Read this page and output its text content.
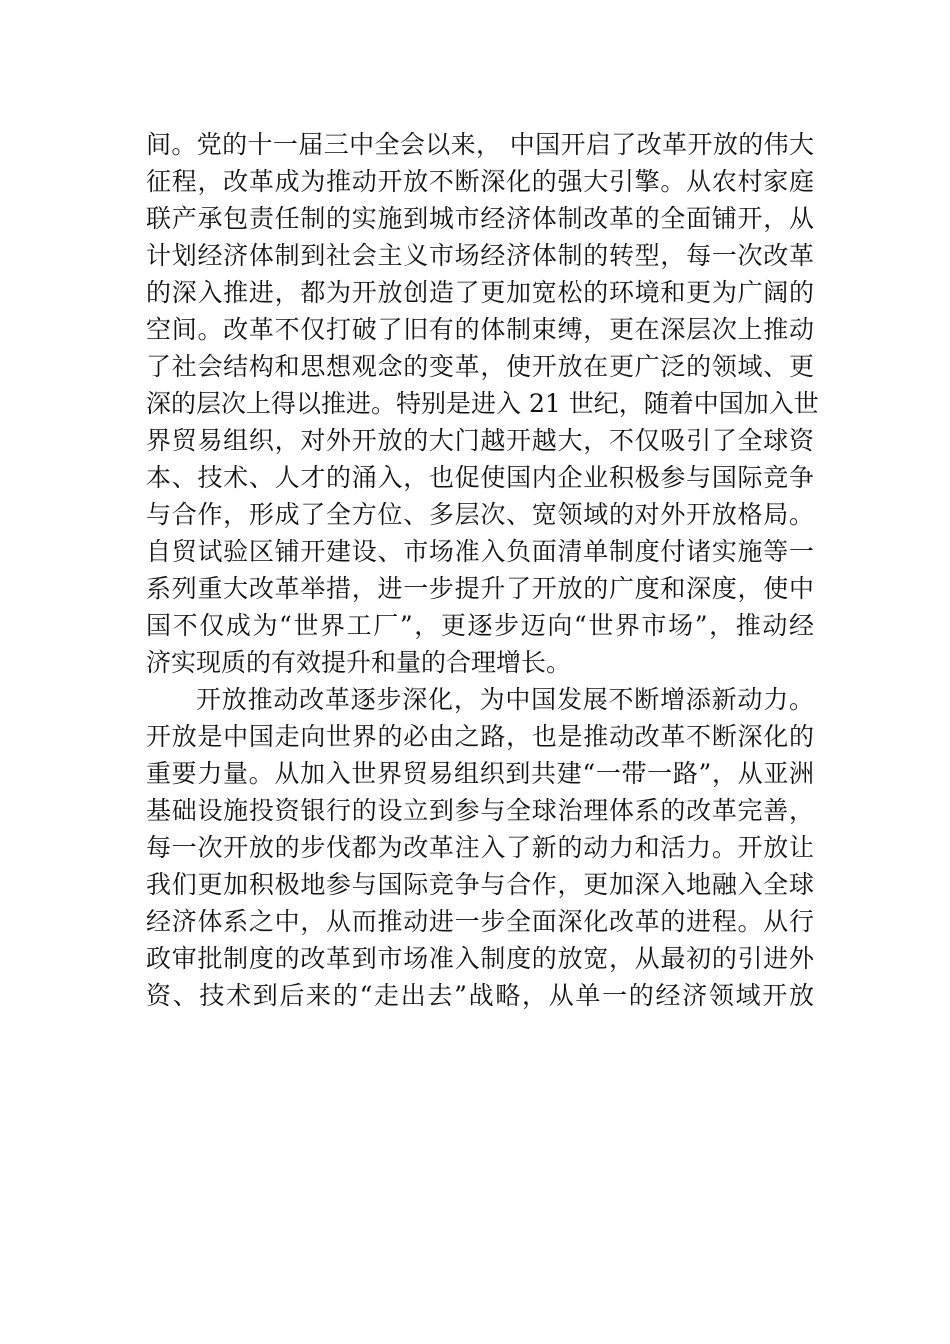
间。党的十一届三中全会以来， 中国开启了改革开放的伟大
征程，改革成为推动开放不断深化的强大引擎。从农村家庭
联产承包责任制的实施到城市经济体制改革的全面铺开，从
计划经济体制到社会主义市场经济体制的转型，每一次改革
的深入推进，都为开放创造了更加宽松的环境和更为广阔的
空间。改革不仅打破了旧有的体制束缚，更在深层次上推动
了社会结构和思想观念的变革，使开放在更广泛的领域、更
深的层次上得以推进。特别是进入 21 世纪，随着中国加入世
界贸易组织，对外开放的大门越开越大，不仅吸引了全球资
本、技术、人才的涌入，也促使国内企业积极参与国际竞争
与合作，形成了全方位、多层次、宽领域的对外开放格局。
自贸试验区铺开建设、市场准入负面清单制度付诸实施等一
系列重大改革举措，进一步提升了开放的广度和深度，使中
国不仅成为“世界工厂”，更逐步迈向“世界市场”，推动经
济实现质的有效提升和量的合理增长。
开放推动改革逐步深化，为中国发展不断增添新动力。
开放是中国走向世界的必由之路，也是推动改革不断深化的
重要力量。从加入世界贸易组织到共建“一带一路”，从亚洲
基础设施投资银行的设立到参与全球治理体系的改革完善，
每一次开放的步伐都为改革注入了新的动力和活力。开放让
我们更加积极地参与国际竞争与合作，更加深入地融入全球
经济体系之中，从而推动进一步全面深化改革的进程。从行
政审批制度的改革到市场准入制度的放宽，从最初的引进外
资、技术到后来的“走出去”战略，从单一的经济领域开放
